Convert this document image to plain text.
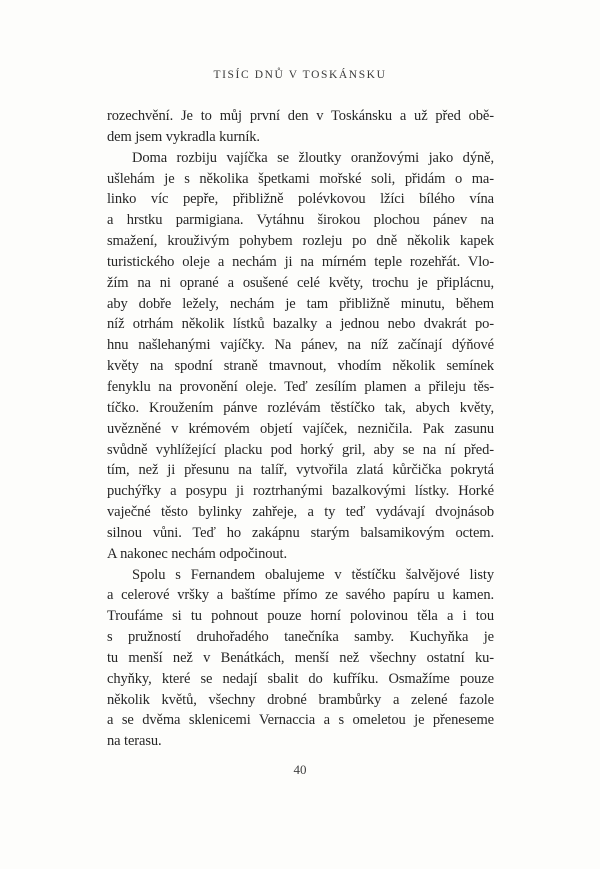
TISÍC DNŮ V TOSKÁNSKU
rozechvění. Je to můj první den v Toskánsku a už před obě-
dem jsem vykradla kurník.
Doma rozbiju vajíčka se žloutky oranžovými jako dýně,
ušlehám je s několika špetkami mořské soli, přidám o ma-
linko víc pepře, přibližně polévkovou lžíci bílého vína
a hrstku parmigiana. Vytáhnu širokou plochou pánev na
smažení, krouživým pohybem rozleju po dně několik kapek
turistického oleje a nechám ji na mírném teple rozehřát. Vlo-
žím na ni oprané a osušené celé květy, trochu je připlácnu,
aby dobře ležely, nechám je tam přibližně minutu, během
níž otrhám několik lístků bazalky a jednou nebo dvakrát po-
hnu našlehanými vajíčky. Na pánev, na níž začínají dýňové
květy na spodní straně tmavnout, vhodím několik semínek
fenyklu na provonění oleje. Teď zesílím plamen a přileju těs-
tíčko. Kroužením pánve rozlévám těstíčko tak, abych květy,
uvězněné v krémovém objetí vajíček, nezničila. Pak zasunu
svůdně vyhlížející placku pod horký gril, aby se na ní před-
tím, než ji přesunu na talíř, vytvořila zlatá kůrčička pokrytá
puchýřky a posypu ji roztrhanými bazalkovými lístky. Horké
vaječné těsto bylinky zahřeje, a ty teď vydávají dvojnásob
silnou vůni. Teď ho zakápnu starým balsamikovým octem.
A nakonec nechám odpočinout.
Spolu s Fernandem obalujeme v těstíčku šalvějové listy
a celerové vršky a baštíme přímo ze savého papíru u kamen.
Troufáme si tu pohnout pouze horní polovinou těla a i tou
s pružností druhořadého tanečníka samby. Kuchyňka je
tu menší než v Benátkách, menší než všechny ostatní ku-
chyňky, které se nedají sbalit do kufříku. Osmažíme pouze
několik květů, všechny drobné brambůrky a zelené fazole
a se dvěma sklenicemi Vernaccia a s omeletou je přeneseme
na terasu.
40
